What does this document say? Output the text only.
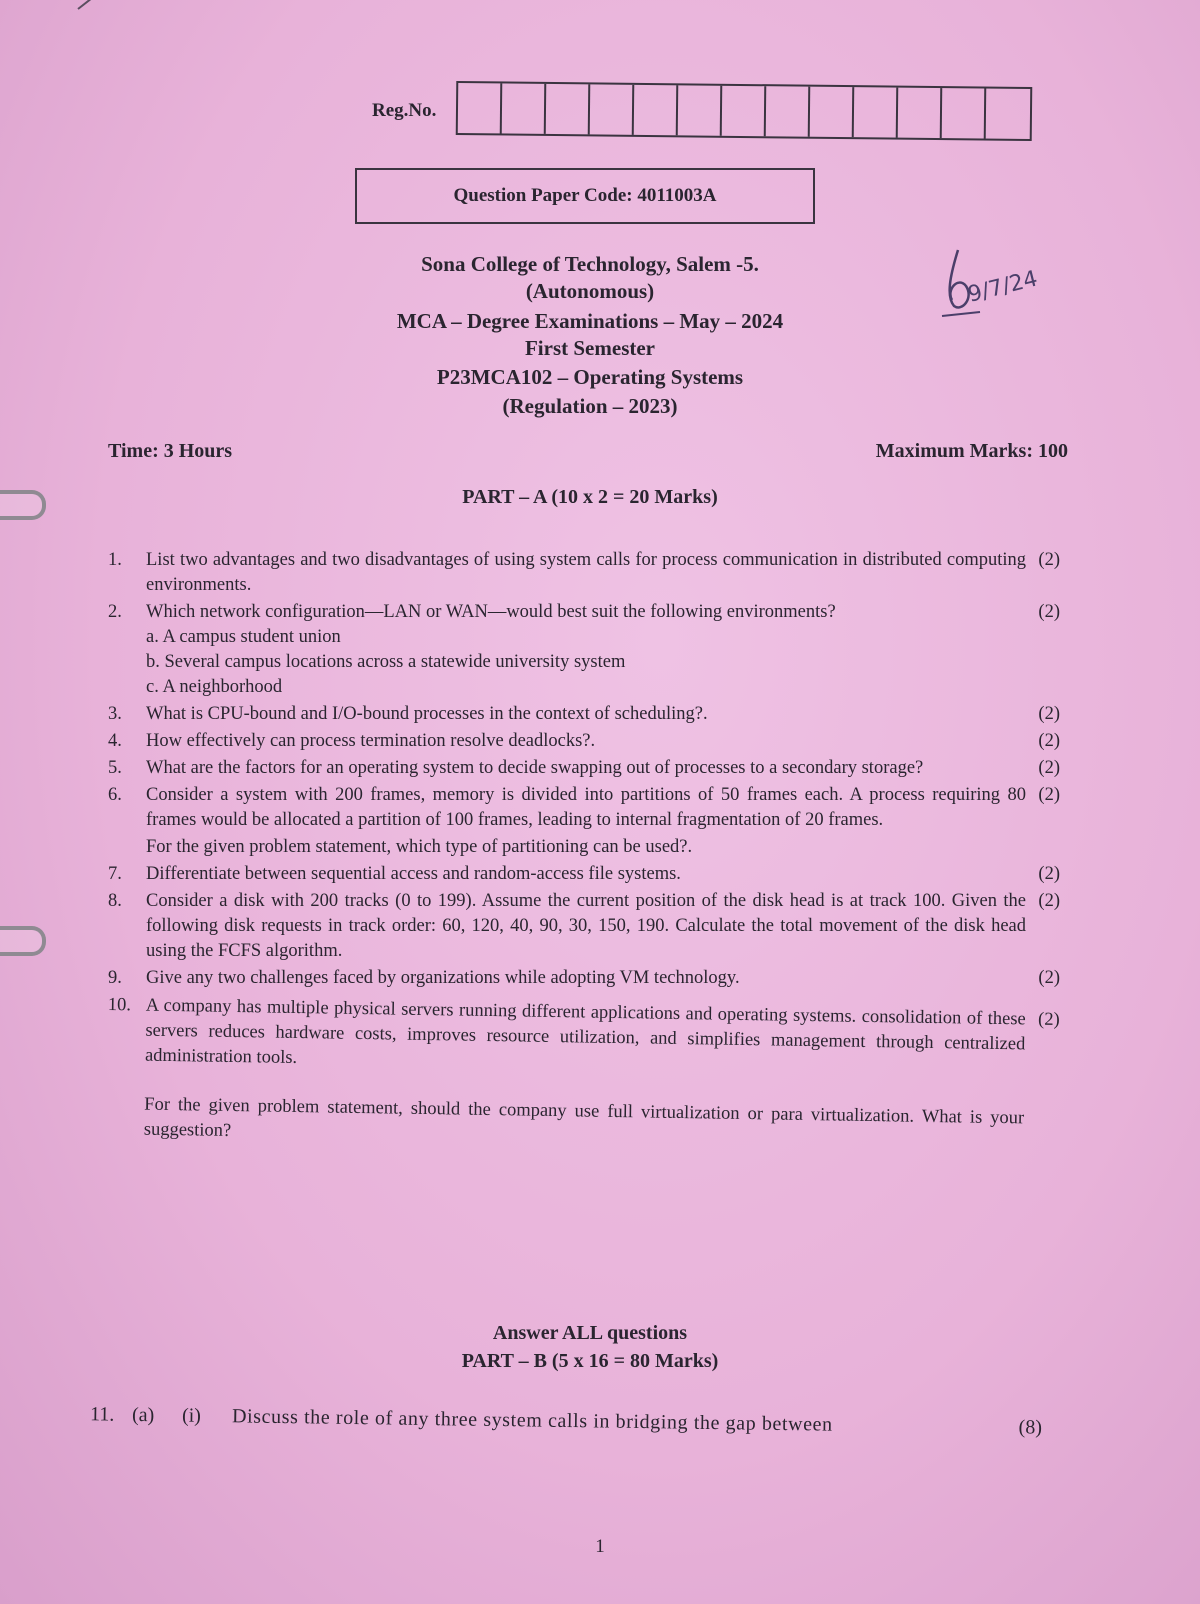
Reg.No.
Question Paper Code: 4011003A
Sona College of Technology, Salem -5.
(Autonomous)
MCA – Degree Examinations – May – 2024
First Semester
P23MCA102 – Operating Systems
(Regulation – 2023)
9/7/24
Time: 3 Hours	Maximum Marks: 100
PART – A (10 x 2 = 20 Marks)
1.	List two advantages and two disadvantages of using system calls for process communication in distributed computing environments.
(2)
2.	Which network configuration—LAN or WAN—would best suit the following environments?
a. A campus student union
b. Several campus locations across a statewide university system
c. A neighborhood
(2)
3.	What is CPU-bound and I/O-bound processes in the context of scheduling?.	(2)
4.	How effectively can process termination resolve deadlocks?.	(2)
5.	What are the factors for an operating system to decide swapping out of processes to a secondary storage?	(2)
6.	Consider a system with 200 frames, memory is divided into partitions of 50 frames each. A process requiring 80 frames would be allocated a partition of 100 frames, leading to internal fragmentation of 20 frames.
For the given problem statement, which type of partitioning can be used?.
(2)
7.	Differentiate between sequential access and random-access file systems.	(2)
8.	Consider a disk with 200 tracks (0 to 199). Assume the current position of the disk head is at track 100. Given the following disk requests in track order: 60, 120, 40, 90, 30, 150, 190. Calculate the total movement of the disk head using the FCFS algorithm.
(2)
9.	Give any two challenges faced by organizations while adopting VM technology.	(2)
10. A company has multiple physical servers running different applications and operating systems. consolidation of these servers reduces hardware costs, improves resource utilization, and simplifies management through centralized administration tools.
For the given problem statement, should the company use full virtualization or para virtualization. What is your suggestion?
(2)
Answer ALL questions
PART – B (5 x 16 = 80 Marks)
11. (a)	(i)	Discuss the role of any three system calls in bridging the gap between	(8)
1
